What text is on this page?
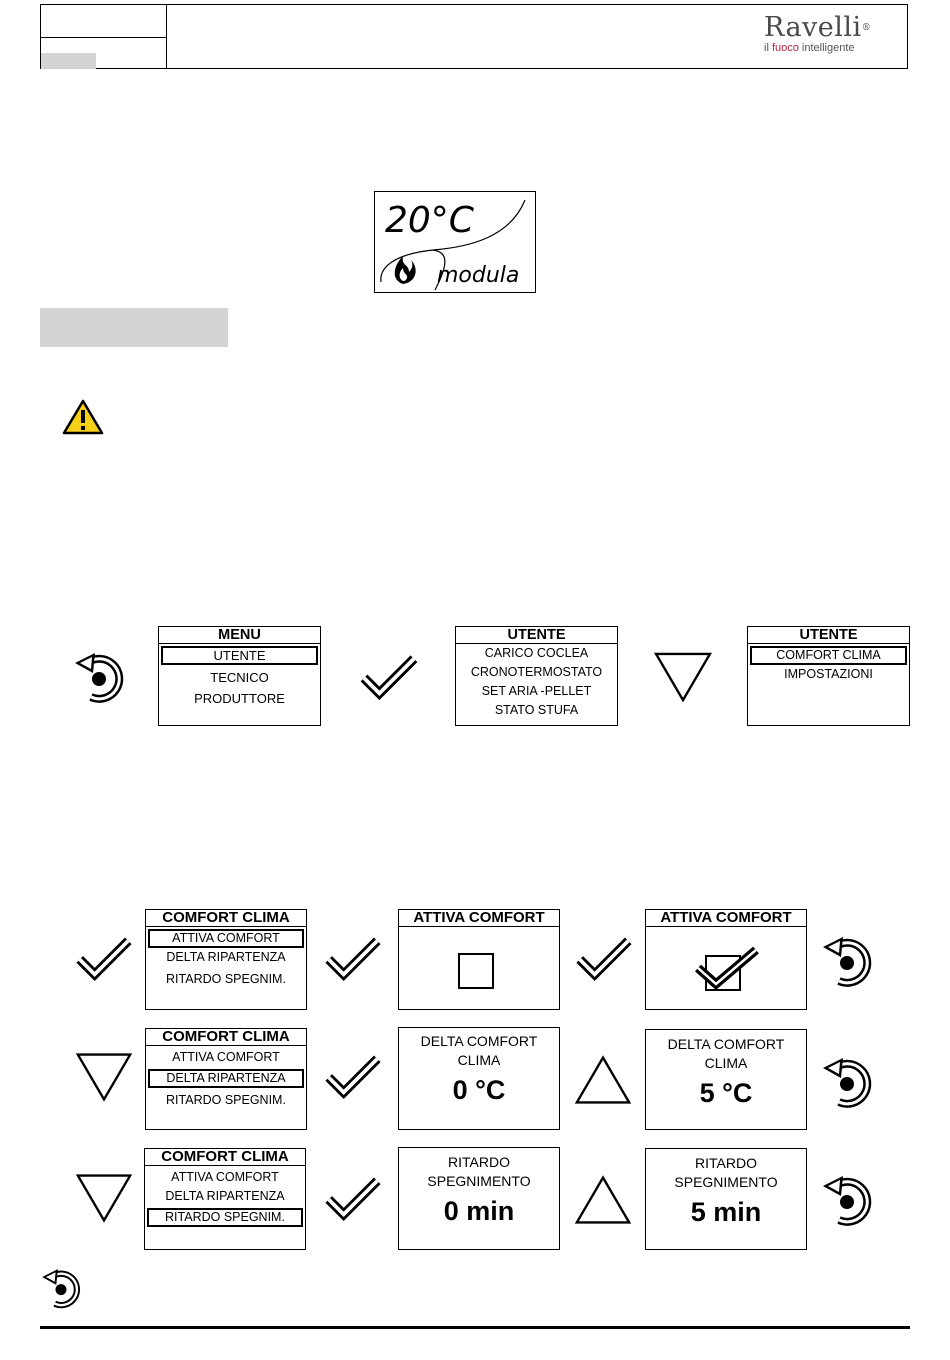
Ravelli®
il fuoco intelligente
20°C
modula
MENU
UTENTE
TECNICO
PRODUTTORE
UTENTE
CARICO COCLEA
CRONOTERMOSTATO
SET ARIA -PELLET
STATO STUFA
UTENTE
COMFORT CLIMA
IMPOSTAZIONI
COMFORT CLIMA
ATTIVA COMFORT
DELTA RIPARTENZA
RITARDO SPEGNIM.
ATTIVA COMFORT	ATTIVA COMFORT
COMFORT CLIMA
ATTIVA COMFORT
DELTA RIPARTENZA
RITARDO SPEGNIM.
DELTA COMFORT
CLIMA
0 °C
DELTA COMFORT
CLIMA
5 °C
COMFORT CLIMA
ATTIVA COMFORT
DELTA RIPARTENZA
RITARDO SPEGNIM.
RITARDO
SPEGNIMENTO
0 min
RITARDO
SPEGNIMENTO
5 min
